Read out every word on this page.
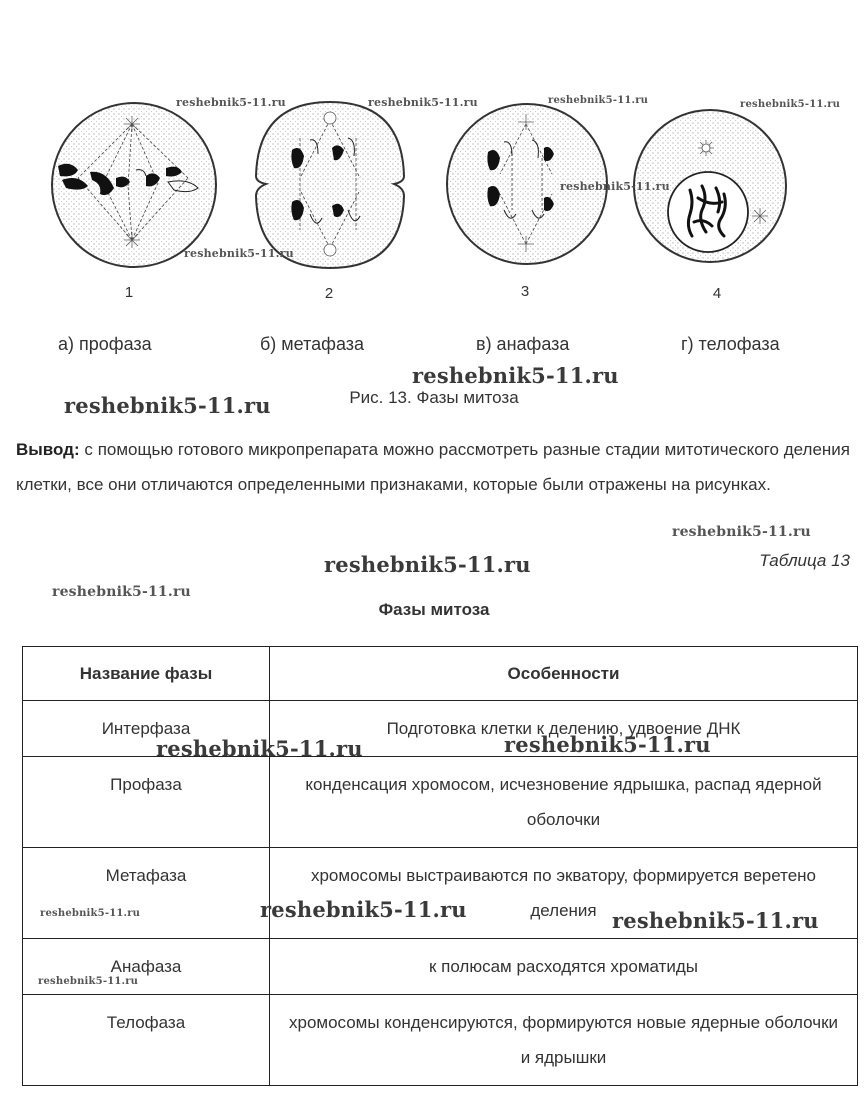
1	2	3	4
а) профаза	б) метафаза	в) анафаза	г) телофаза
Рис. 13. Фазы митоза
Вывод: с помощью готового микропрепарата можно рассмотреть разные стадии митотического деления клетки, все они отличаются определенными признаками, которые были отражены на рисунках.
Таблица 13
Фазы митоза
Название фазы	Особенности
Интерфаза	Подготовка клетки к делению, удвоение ДНК
Профаза	конденсация хромосом, исчезновение ядрышка, распад ядерной оболочки
Метафаза	хромосомы выстраиваются по экватору, формируется веретено деления
Анафаза	к полюсам расходятся хроматиды
Телофаза	хромосомы конденсируются, формируются новые ядерные оболочки и ядрышки
reshebnik5-11.ru	reshebnik5-11.ru	reshebnik5-11.ru	reshebnik5-11.ru
reshebnik5-11.ru
reshebnik5-11.ru
reshebnik5-11.ru
reshebnik5-11.ru
reshebnik5-11.ru
reshebnik5-11.ru
reshebnik5-11.ru
reshebnik5-11.ru	reshebnik5-11.ru
reshebnik5-11.ru	reshebnik5-11.ru	reshebnik5-11.ru
reshebnik5-11.ru
